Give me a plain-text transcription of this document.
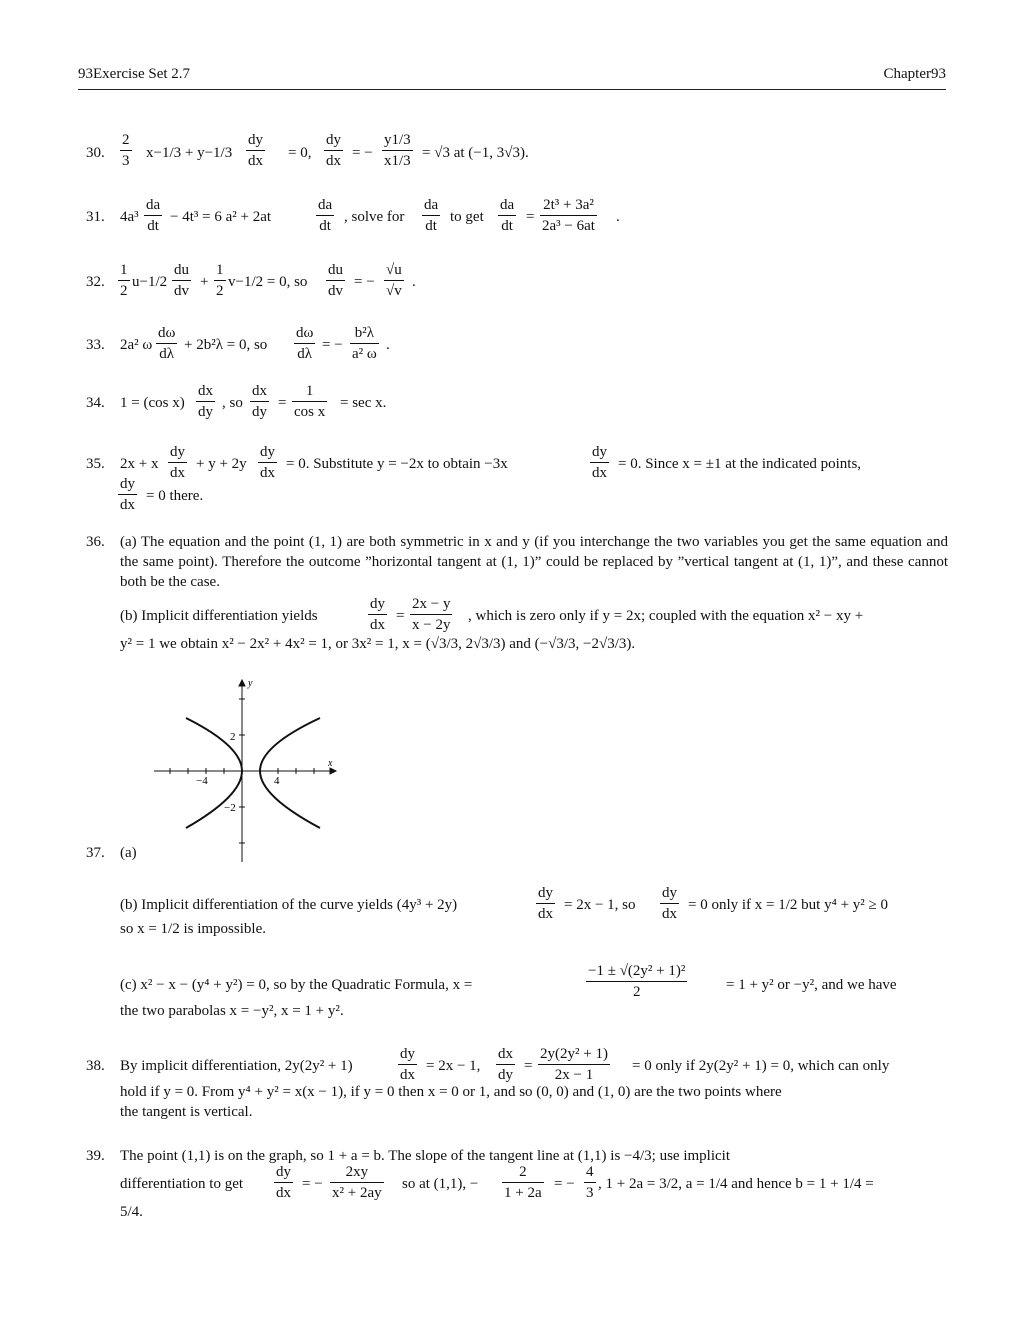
93Exercise Set 2.7	Chapter93
30. $\frac{2}{3} x-1/3 + y-1/3 \frac{dy}{dx} = 0$, $\frac{dy}{dx}$ = − $\frac{y1/3}{x1/3} = √3$ at (−1, 3√3).
31. $4a^3 \frac{da}{dt} - 4t^3 = 6$ a² + 2at	$\frac{da}{dt}$ , solve for $\frac{da}{dt}$ to get $\frac{da}{dt} = \frac{\text{2t³ + 3a²}}{\text{2a³ − 6at}}$ .
32. $\frac{1}{2} u-1/2 \frac{du}{dv} + \frac{1}{2} v-1/2 = 0$, so $\frac{du}{dv}$ = − $\frac{√u}{√v}$ .
33. 2a² ω $\frac{d\omega}{d\lambda} + 2b^2\lambda = 0$, so $\frac{d\omega}{d\lambda}$ = − $\frac{\text{b²λ}}{\text{a² ω}}$ .
34. 1 = (cos $x) \frac{dx}{dy}$ , so $\frac{dx}{dy} = \frac{1}{\text{cos x}} = \sec x$.
35. 2x + x $\frac{dy}{dx} + y + 2y \frac{dy}{dx} = 0$. Substitute y = −2x to obtain −3x	$\frac{dy}{dx} = 0$. Since x = ±1 at the indicated points,
$\frac{dy}{dx} = 0$ there.
36. (a) The equation and the point (1, 1) are both symmetric in x and y (if you interchange the two variables you get the same equation and the same point). Therefore the outcome ”horizontal tangent at (1, 1)” could be replaced by ”vertical tangent at (1, 1)”, and these cannot both be the case.
(b) Implicit differentiation yields	$\frac{dy}{dx} = \frac{2x - y}{x - 2y}$ , which is zero only if y = 2x; coupled with the equation x² − xy +
y² = 1 we obtain x² − 2x² + 4x² = 1, or 3x² = 1, x = (√3/3, 2√3/3) and (−√3/3, −2√3/3).
y
x
−4	4
2
−2
37. (a)
(b) Implicit differentiation of the curve yields (4y³ + 2y)	$\frac{dy}{dx} = 2x - 1$, so $\frac{dy}{dx} = 0$ only if x = 1/2 but y⁴ + y² ≥ 0
so x = 1/2 is impossible.
(c) x² − x − (y⁴ + y²) = 0, so by the Quadratic Formula, x =	$\frac{\text{−1 ± √(2y² + 1)²}}{2}$	= 1 + y² or −y², and we have
the two parabolas x = −y², x = 1 + y².
38. By implicit differentiation, 2y(2y² + 1)	$\frac{dy}{dx} = 2x - 1$, $\frac{dx}{dy} = \frac{\text{2y(2y² + 1)}}{2x - 1} = 0$ only if 2y(2y² + 1) = 0, which can only
hold if y = 0. From y⁴ + y² = x(x − 1), if y = 0 then x = 0 or 1, and so (0, 0) and (1, 0) are the two points where
the tangent is vertical.
39. The point (1,1) is on the graph, so 1 + a = b. The slope of the tangent line at (1,1) is −4/3; use implicit
differentiation to get $\frac{dy}{dx}$ = − $\frac{2xy}{\text{x² + 2ay}}$ so at (1,1), − $\frac{2}{1 + 2a}$ = − $\frac{4}{3}$ , 1 + 2a = 3/2, a = 1/4 and hence b = 1 + 1/4 =
5/4.
